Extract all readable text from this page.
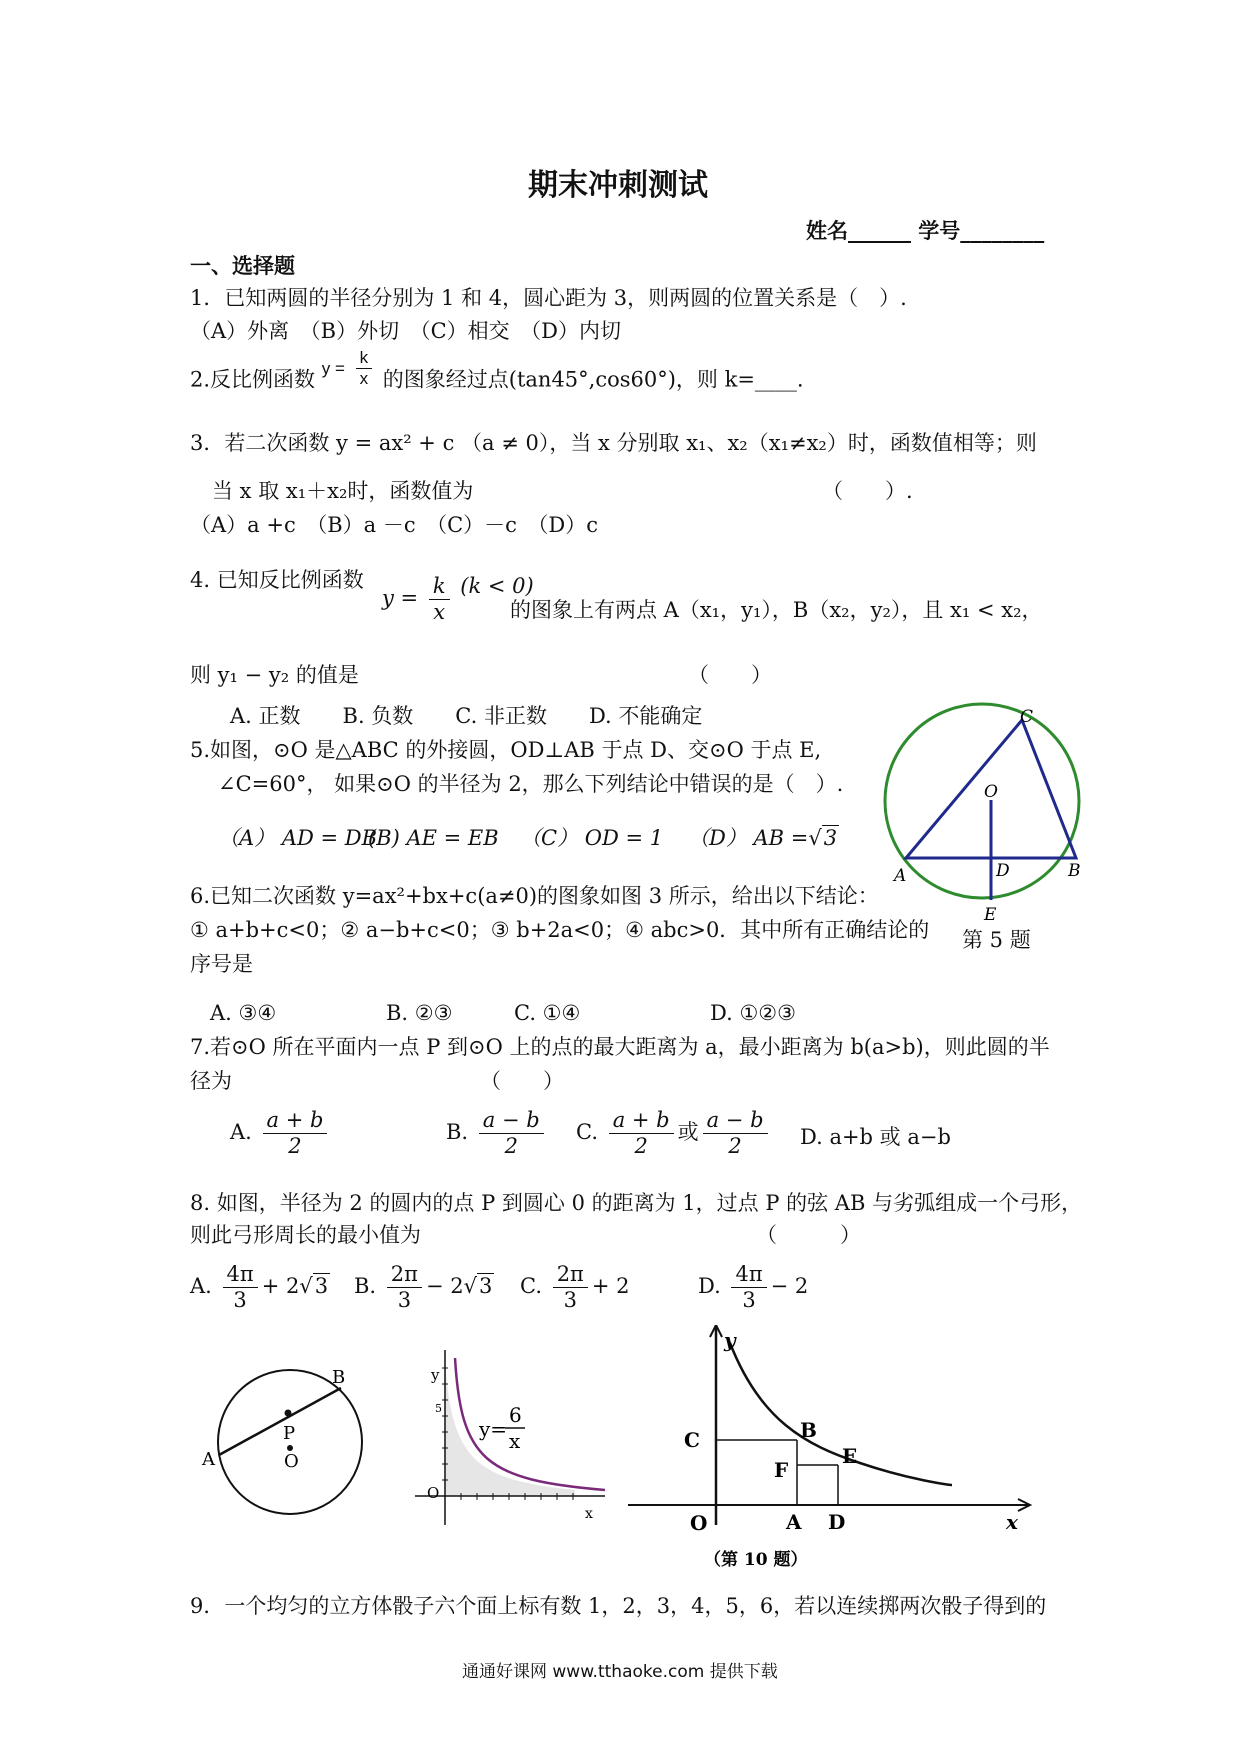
期末冲刺测试
姓名______ 学号________
一、选择题
1．已知两圆的半径分别为 1 和 4，圆心距为 3，则两圆的位置关系是（　）.
（A）外离　（B）外切　（C）相交　（D）内切
2.反比例函数 $^{y =} \frac{k}{x}$ 的图象经过点(tan45°,cos60°)，则 k=____.
3．若二次函数 y = ax² + c （a ≠ 0），当 x 分别取 x₁、x₂（x₁≠x₂）时，函数值相等；则
当 x 取 x₁＋x₂时，函数值为	（　　）.
（A）a +c　（B）a －c　（C）－c　（D）c
4. 已知反比例函数
$y = \frac{k}{x} (k < 0)$
的图象上有两点 A（x₁，y₁），B（x₂，y₂），且 x₁ < x₂，
则 y₁ − y₂ 的值是	（　　）
A. 正数　　B. 负数　　C. 非正数　　D. 不能确定
5.如图，⊙O 是△ABC 的外接圆，OD⊥AB 于点 D、交⊙O 于点 E,
∠C=60°， 如果⊙O 的半径为 2，那么下列结论中错误的是（　）.
（A） AD = DB
(B) AE = EB （C） OD = 1 （D） AB =√3
C
O
D
A	B
E
第 5 题
6.已知二次函数 y=ax²+bx+c(a≠0)的图象如图 3 所示，给出以下结论：
① a+b+c<0；② a−b+c<0；③ b+2a<0；④ abc>0．其中所有正确结论的
序号是
A. ③④	B. ②③	C. ①④	D. ①②③
7.若⊙O 所在平面内一点 P 到⊙O 上的点的最大距离为 a，最小距离为 b(a>b)，则此圆的半
径为	（　　）
A. $\frac{a + b}{2}$	B. $\frac{a - b}{2} C$. $\frac{a + b}{2}$ 或 $\frac{a - b}{2} D$. a+b 或 a−b
8. 如图，半径为 2 的圆内的点 P 到圆心 0 的距离为 1，过点 P 的弦 AB 与劣弧组成一个弓形，
则此弓形周长的最小值为	（　　　）
A. $\frac{4\pi}{3} + 2√3$ B. $\frac{2\pi}{3} - 2√3$ C. $\frac{2\pi}{3} + 2$	D. $\frac{4\pi}{3} - 2$
B
A
P
O
y
5
O
x
y=
6
x
y
x
O	A D
C	B
F
E
（第 10 题）
9．一个均匀的立方体骰子六个面上标有数 1，2，3，4，5，6，若以连续掷两次骰子得到的
通通好课网 www.tthaoke.com 提供下载
